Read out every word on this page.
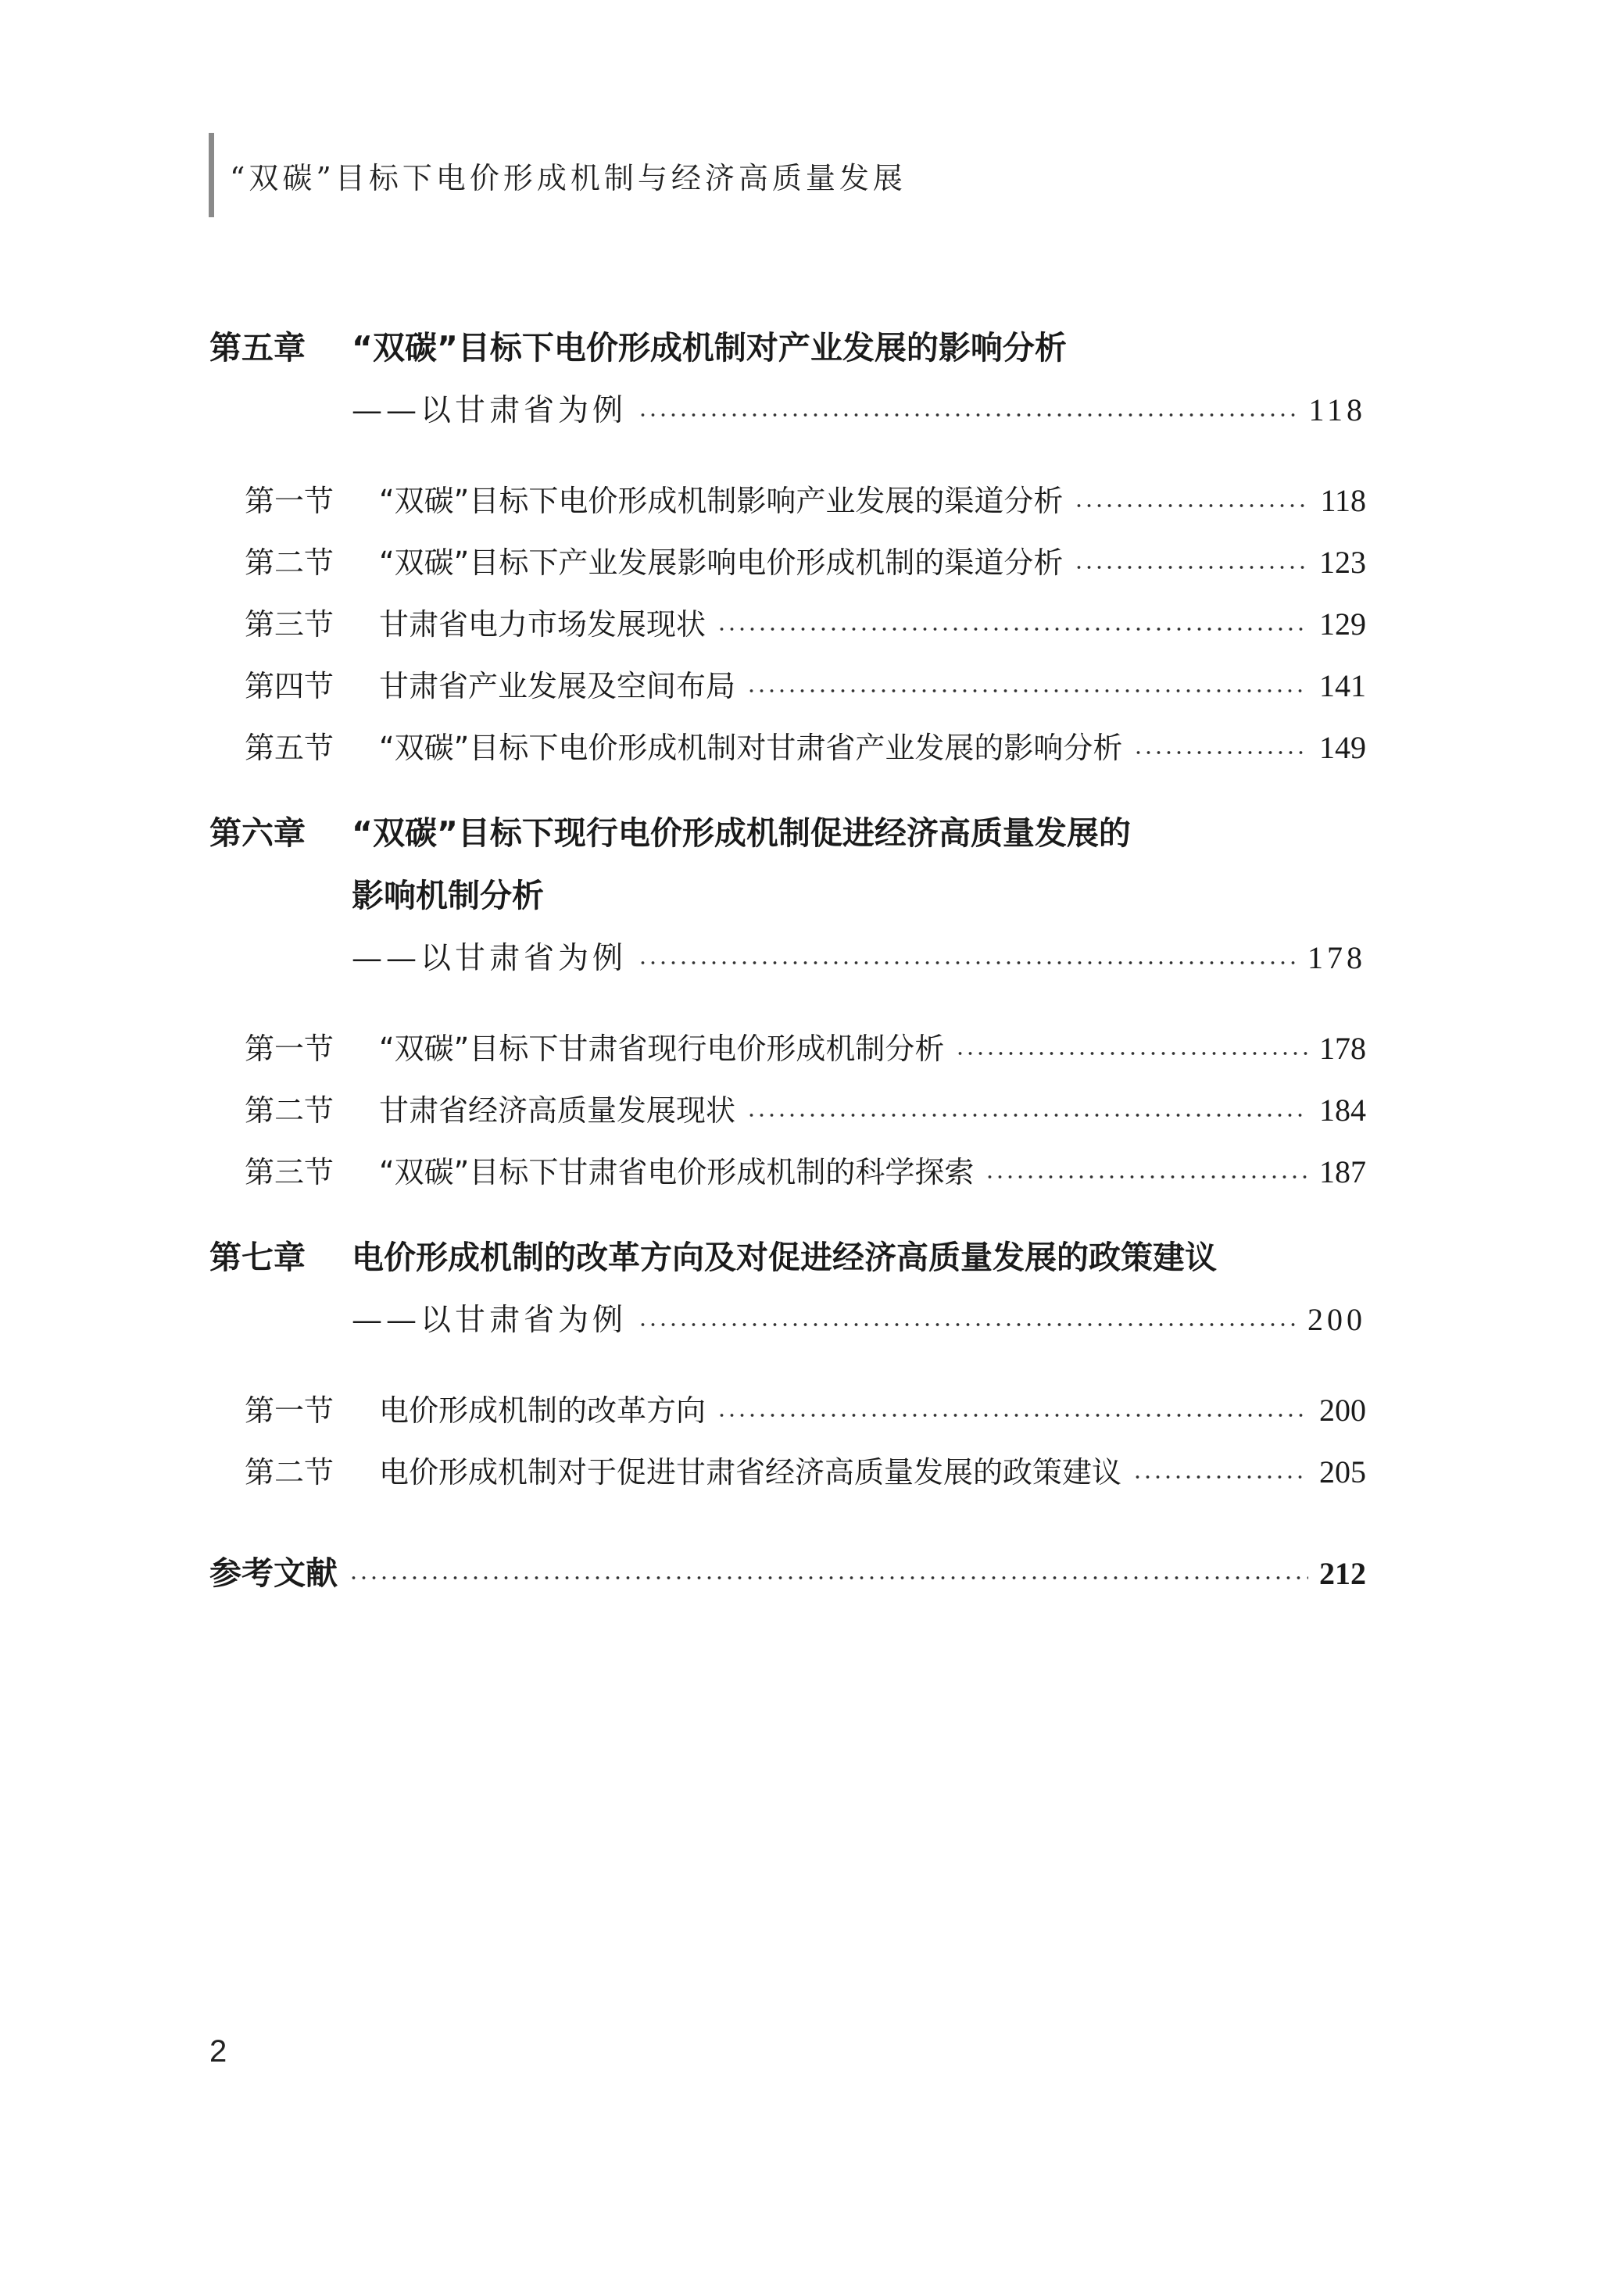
“双碳”目标下电价形成机制与经济高质量发展
第五章	“双碳”目标下电价形成机制对产业发展的影响分析
——以甘肃省为例	118
第一节	“双碳”目标下电价形成机制影响产业发展的渠道分析	118
第二节	“双碳”目标下产业发展影响电价形成机制的渠道分析	123
第三节	甘肃省电力市场发展现状	129
第四节	甘肃省产业发展及空间布局	141
第五节	“双碳”目标下电价形成机制对甘肃省产业发展的影响分析	149
第六章	“双碳”目标下现行电价形成机制促进经济高质量发展的
影响机制分析
——以甘肃省为例	178
第一节	“双碳”目标下甘肃省现行电价形成机制分析	178
第二节	甘肃省经济高质量发展现状	184
第三节	“双碳”目标下甘肃省电价形成机制的科学探索	187
第七章	电价形成机制的改革方向及对促进经济高质量发展的政策建议
——以甘肃省为例	200
第一节	电价形成机制的改革方向	200
第二节	电价形成机制对于促进甘肃省经济高质量发展的政策建议	205
参考文献	212
2
